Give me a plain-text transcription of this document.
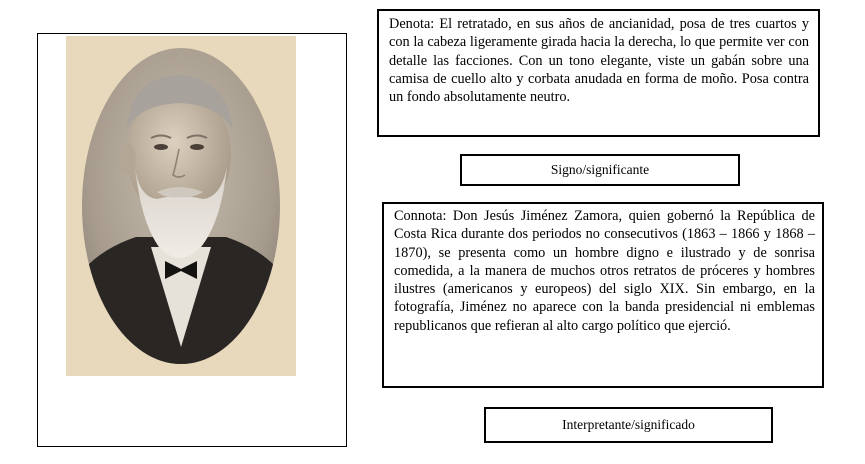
Denota: El retratado, en sus años de ancianidad, posa de tres cuartos y con la cabeza ligeramente girada hacia la derecha, lo que permite ver con detalle las facciones. Con un tono elegante, viste un gabán sobre una camisa de cuello alto y corbata anudada en forma de moño. Posa contra un fondo absolutamente neutro.
Signo/significante
Connota: Don Jesús Jiménez Zamora, quien gobernó la República de Costa Rica durante dos periodos no consecutivos (1863 – 1866 y 1868 – 1870), se presenta como un hombre digno e ilustrado y de sonrisa comedida, a la manera de muchos otros retratos de próceres y hombres ilustres (americanos y europeos) del siglo XIX. Sin embargo, en la fotografía, Jiménez no aparece con la banda presidencial ni emblemas republicanos que refieran al alto cargo político que ejerció.
Interpretante/significado
